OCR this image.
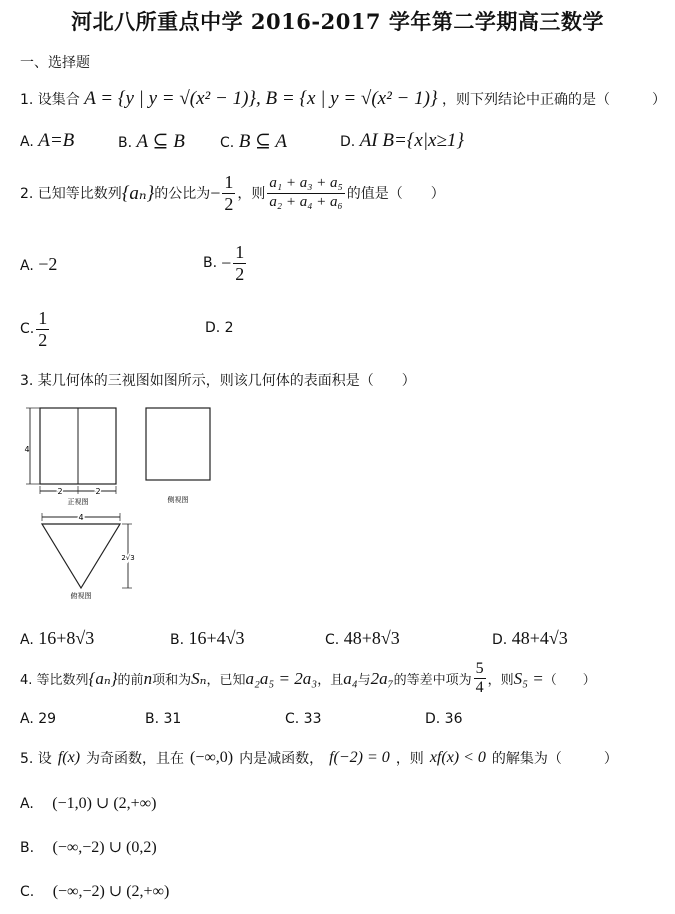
河北八所重点中学 2016-2017 学年第二学期高三数学
一、选择题
1. 设集合 A = {y | y = √(x² − 1)}, B = {x | y = √(x² − 1)} ，则下列结论中正确的是（　　　）
A. A=B	B. A ⊆ B	C. B ⊆ A	D. AI B={x|x≥1}
2. 已知等比数列 {aₙ} 的公比为 − $\frac{1}{2}$ ，则 $\frac{\text{a₁ + a₃ + a₅}}{\text{a₂ + a₄ + a₆}}$ 的值是（　　）
A. −2	B. − $\frac{1}{2}$
C. $\frac{1}{2}$	D. 2
3. 某几何体的三视图如图所示，则该几何体的表面积是（　　）
4
2	2
正视图	侧视图
4
2√3
俯视图
A. 16+8√3	B. 16+4√3	C. 48+8√3	D. 48+4√3
4. 等比数列 {aₙ} 的前 n 项和为 Sₙ ，已知 a₂a₅ = 2a₃ ，且 a₄ 与 2a₇ 的等差中项为 $\frac{5}{4}$ ，则 S₅ = （　　）
A. 29	B. 31	C. 33	D. 36
5. 设 f(x) 为奇函数，且在 (−∞,0) 内是减函数， f(−2) = 0 ，则 xf(x) < 0 的解集为（　　　）
A. (−1,0) ∪ (2,+∞)
B. (−∞,−2) ∪ (0,2)
C. (−∞,−2) ∪ (2,+∞)
